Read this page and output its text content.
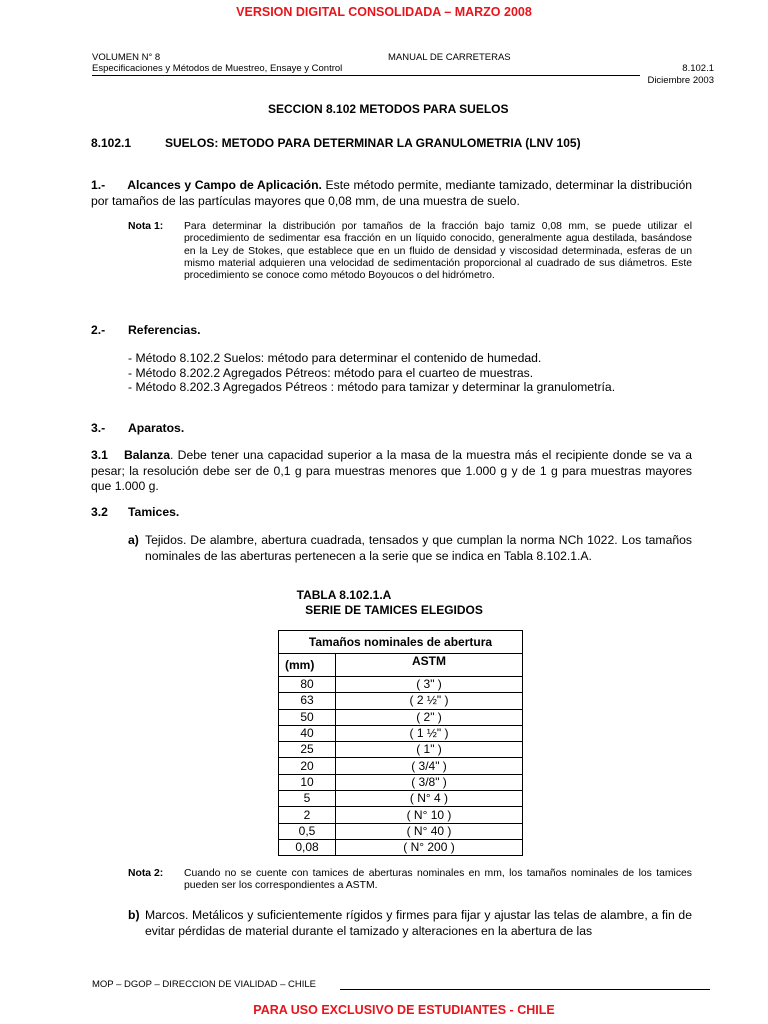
VERSION DIGITAL CONSOLIDADA – MARZO 2008
VOLUMEN N° 8	MANUAL DE CARRETERAS
Especificaciones y Métodos de Muestreo, Ensaye y Control	8.102.1
Diciembre 2003
SECCION 8.102 METODOS PARA SUELOS
8.102.1	SUELOS: METODO PARA DETERMINAR LA GRANULOMETRIA (LNV 105)
1.- Alcances y Campo de Aplicación. Este método permite, mediante tamizado, determinar la distribución por tamaños de las partículas mayores que 0,08 mm, de una muestra de suelo.
Nota 1: Para determinar la distribución por tamaños de la fracción bajo tamiz 0,08 mm, se puede utilizar el procedimiento de sedimentar esa fracción en un líquido conocido, generalmente agua destilada, basándose en la Ley de Stokes, que establece que en un fluido de densidad y viscosidad determinada, esferas de un mismo material adquieren una velocidad de sedimentación proporcional al cuadrado de sus diámetros. Este procedimiento se conoce como método Boyoucos o del hidrómetro.
2.- Referencias.
- Método 8.102.2 Suelos: método para determinar el contenido de humedad.
- Método 8.202.2 Agregados Pétreos: método para el cuarteo de muestras.
- Método 8.202.3 Agregados Pétreos : método para tamizar y determinar la granulometría.
3.- Aparatos.
3.1 Balanza. Debe tener una capacidad superior a la masa de la muestra más el recipiente donde se va a pesar; la resolución debe ser de 0,1 g para muestras menores que 1.000 g y de 1 g para muestras mayores que 1.000 g.
3.2 Tamices.
a) Tejidos. De alambre, abertura cuadrada, tensados y que cumplan la norma NCh 1022. Los tamaños nominales de las aberturas pertenecen a la serie que se indica en Tabla 8.102.1.A.
TABLA 8.102.1.A
SERIE DE TAMICES ELEGIDOS
Tamaños nominales de abertura	
(mm)	ASTM
80	( 3" )
63	( 2 ½" )
50	( 2" )
40	( 1 ½" )
25	( 1" )
20	( 3/4" )
10	( 3/8" )
5	( N° 4 )
2	( N° 10 )
0,5	( N° 40 )
0,08	( N° 200 )
Nota 2: Cuando no se cuente con tamices de aberturas nominales en mm, los tamaños nominales de los tamices pueden ser los correspondientes a ASTM.
b) Marcos. Metálicos y suficientemente rígidos y firmes para fijar y ajustar las telas de alambre, a fin de evitar pérdidas de material durante el tamizado y alteraciones en la abertura de las
MOP – DGOP – DIRECCION DE VIALIDAD – CHILE
PARA USO EXCLUSIVO DE ESTUDIANTES - CHILE
